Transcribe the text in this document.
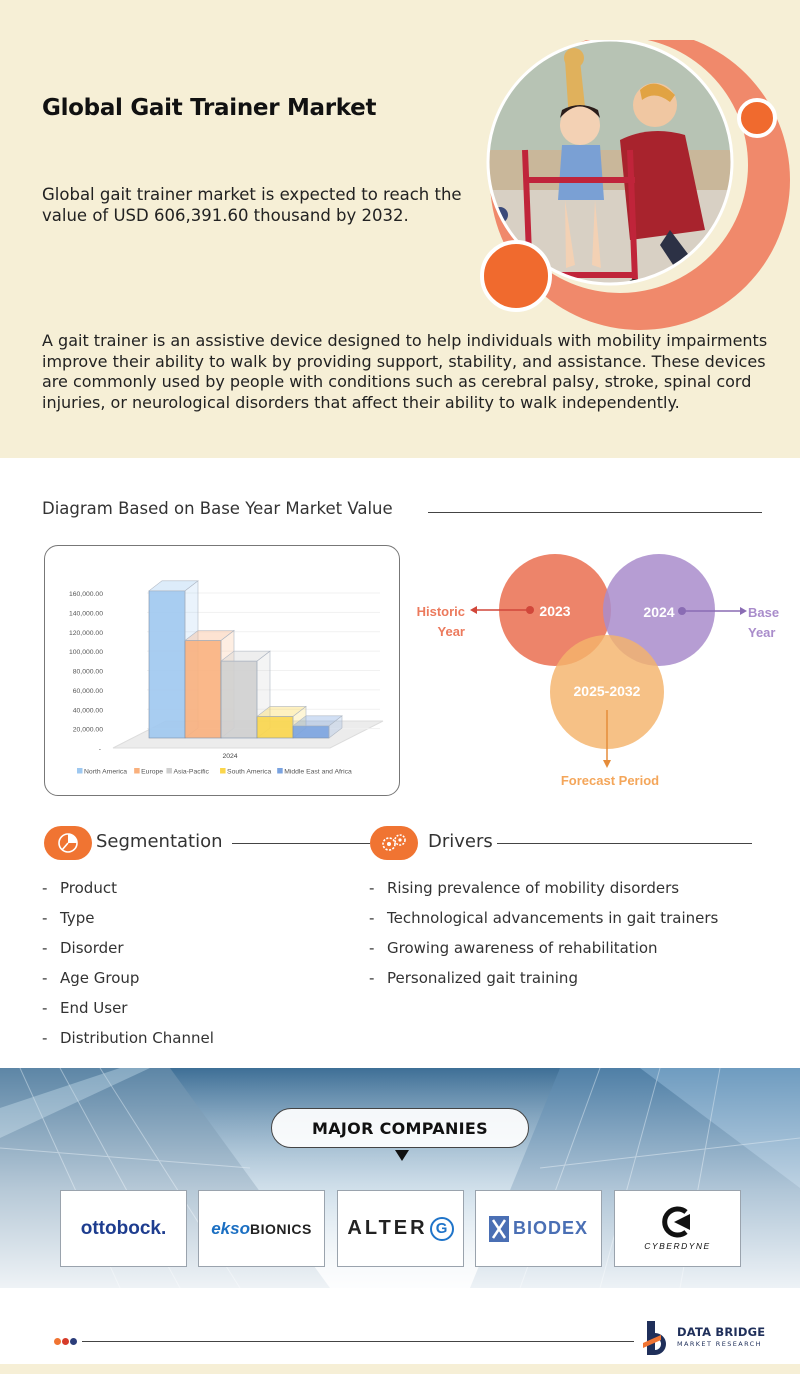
Global Gait Trainer Market

Global gait trainer market is expected to reach the value of USD 606,391.60 thousand by 2032.

A gait trainer is an assistive device designed to help individuals with mobility impairments improve their ability to walk by providing support, stability, and assistance. These devices are commonly used by people with conditions such as cerebral palsy, stroke, spinal cord injuries, or neurological disorders that affect their ability to walk independently.

Diagram Based on Base Year Market Value
160,000.00
140,000.00
120,000.00
100,000.00
80,000.00
60,000.00
40,000.00
20,000.00
-
2024
North America Europe Asia-Pacific	South America Middle East and Africa
2023	2024
2025-2032
Historic
Year
Base
Year
Forecast Period
Segmentation
- Product
- Type
- Disorder
- Age Group
- End User
- Distribution Channel
Drivers
- Rising prevalence of mobility disorders
- Technological advancements in gait trainers
- Growing awareness of rehabilitation
- Personalized gait training
MAJOR COMPANIES
ottobock.	ekso BIONICS ALTER G	BIODEX
CYBERDYNE
DATA BRIDGE
MARKET RESEARCH
